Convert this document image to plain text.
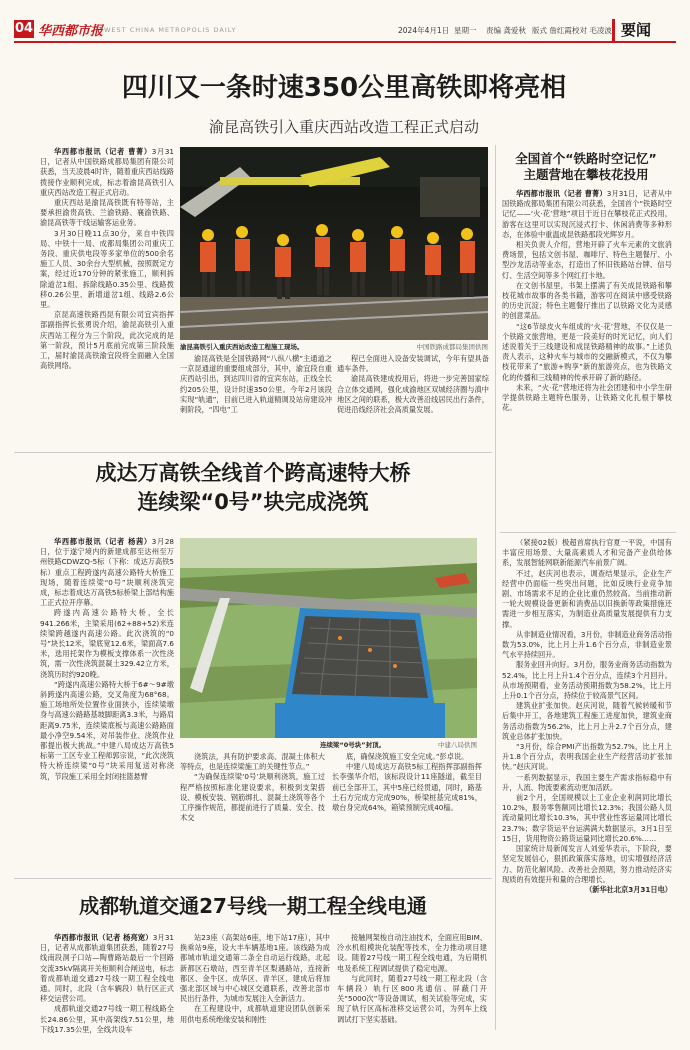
04 华西都市报 WEST CHINA METROPOLIS DAILY	2024年4月1日 星期一 责编 龚爱秋 版式 詹红霞 校对 毛凌波 要闻
四川又一条时速350公里高铁即将亮相
渝昆高铁引入重庆西站改造工程正式启动
渝昆高铁引入重庆西站改造工程施工现场。	中国铁路成都局集团供图

华西都市报讯（记者 曹菁）3月31日，记者从中国铁路成都局集团有限公司获悉，当天凌晨4时许，随着重庆西站线路拨接作业顺利完成，标志着渝昆高铁引入重庆西站改造工程正式启动。

重庆西站是渝昆高铁既有特等站，主要承担渝贵高铁、兰渝铁路、襄渝铁路、渝昆高铁等干线运输客运业务。

3月30日晚11点30分，来自中铁四局、中铁十一局、成都局集团公司重庆工务段、重庆供电段等多家单位的500余名施工人员、30余台大型机械，按照既定方案，经过近170分钟的紧张施工，顺利拆除道岔1组、拆除线路0.35公里、线路拨移0.26公里、新增道岔1组、线路2.6公里。

京昆高速铁路西昆有限公司宜宾指挥部副指挥长张勇说介绍，渝昆高铁引入重庆西站工程分为三个阶段，此次完成的是第一阶段，预计5月底前完成第三阶段施工，届时渝昆高铁渝宜段将全面融入全国高铁网络。

渝昆高铁是全国铁路网“八纵八横”主通道之一京昆通道的重要组成部分，其中，渝宜段自重庆西站引出，到达四川省的宜宾东站，正线全长约205公里，设计时速350公里。今年2月该段实现“轨通”，目前已进入轨道精调及站房建设冲刺阶段，“四电”工

程已全面进入设备安装调试，今年有望具备通车条件。

渝昆高铁建成投用后，将进一步完善国家综合立体交通网，强化成渝地区双城经济圈与滇中地区之间的联系，极大改善沿线居民出行条件，促进沿线经济社会高质量发展。

全国首个“铁路时空记忆”
主题营地在攀枝花投用

华西都市报讯（记者 曹菁）3月31日，记者从中国铁路成都局集团有限公司获悉，全国首个“铁路时空记忆——‘火·花’营地”项目于近日在攀枝花正式投用，游客在这里可以实现沉浸式打卡、休闲消费等多种形态，在体验中重温成昆铁路那段光辉岁月。

相关负责人介绍，营地开辟了火车元素的文旅消费场景，包括文创书屋、咖啡厅、特色主题餐厅、小型沙龙活动等业态，打造出了怀旧铁路站台牌、信号灯、生活空间等多个网红打卡地。

在文创书屋里，书架上摆满了有关成昆铁路和攀枝花城市故事的各类书籍，游客可在阅读中感受铁路的历史沉淀；特色主题餐厅推出了以铁路文化为灵感的创意菜品。

“这6节绿皮火车组成的‘火·花’营地，不仅仅是一个铁路文旅营地，更是一段美好的时光记忆，向人们述说着关于三线建设和成昆铁路精神的故事。”上述负责人表示，这种火车与城市的交融新模式，不仅为攀枝花带来了“旅游+购享”新的旅游亮点，也为铁路文化的传播和三线精神的传承开辟了新的路径。

未来，“火·花”营地还将为社会团建和中小学生研学提供铁路主题特色服务，让铁路文化扎根于攀枝花。

成达万高铁全线首个跨高速特大桥
连续梁“0号”块完成浇筑
连续梁“0号块”封顶。	中建八局供图

华西都市报讯（记者 杨茜）3月28日，位于遂宁境内的新建成都至达州至万州铁路CDWZQ-5标（下称：成达万高铁5标）重点工程跨遂内高速公路特大桥施工现场，随着连续梁“0号”块顺利浇筑完成，标志着成达万高铁5标桥梁上部结构施工正式拉开序幕。

跨遂内高速公路特大桥，全长941.266米，主梁采用(62+88+52)米连续梁跨越遂内高速公路。此次浇筑的“0号”块长12米，梁底宽12.6米，梁面高7.6米，选用托架作为模板支撑体系一次性浇筑，需一次性浇筑混凝土329.42立方米，浇筑历时约920晚。

“跨遂内高速公路特大桥于6#～9#墩斜跨遂内高速公路，交叉角度为68°68。施工场地所处位置作业面狭小，连续梁墩身与高速公路路基坡脚距离3.3米，与路肩距离9.75米，连续梁底板与高速公路路面最小净空9.54米，对吊装作业、浇筑作业都提出极大挑战。”中建八局成达万高铁5标第一工区专业工程师郭宗说，“此次浇筑特大桥连续梁“0号”块采用复送对称浇筑，节段施工采用全封闭挂篮悬臂

浇筑法，具有防护要求高、混凝土体积大等特点，也是连续梁施工的关键性节点。”

“为确保连续梁‘0号’块顺利浇筑，施工过程严格按照标准化建设要求，积极到支架搭设、模板安装、钢筋绑扎、混凝土浇筑等各个工序操作规范，都提前进行了质量、安全、技术交

底，确保浇筑施工安全完成。”彭卓说。

中建八局成达万高铁5标工程指挥部副指挥长李强华介绍，该标段设计11座隧道，截至目前已全部开工，其中5座已经贯通，同时，路基土石方完成方完成90%，桥梁桩基完成81%，墩台身完成64%，箱梁预制完成40榀。

（紧接02版）极超首席执行官夏一平说，中国有丰富应用场景、大量高素质人才和完备产业供给体系，发展智能网联新能源汽车前景广阔。

不过，赵庆河也表示，调查结果显示，企业生产经营中仍面临一些突出问题，比如反映行业竞争加剧、市场需求不足的企业比重仍然较高。当前推动新一轮大规模设备更新和消费品以旧换新等政策措施还需进一步相互落实，为制造业高质量发展提供有力支撑。

从非制造业情况看，3月份，非制造业商务活动指数为53.0%，比上月上升1.6个百分点，非制造业景气水平持续回升。

服务业回升向好。3月份，服务业商务活动指数为52.4%，比上月上升1.4个百分点，连续3个月回升。从市场预期看，业务活动预期指数为58.2%，比上月上升0.1个百分点，持续位于较高景气区间。

建筑业扩张加快。赵庆河说，随着气候转暖和节后集中开工，各地建筑工程施工进度加快，建筑业商务活动指数为56.2%，比上月上升2.7个百分点，建筑业总体扩张加快。

“3月份，综合PMI产出指数为52.7%，比上月上升1.8个百分点，表明我国企业生产经营活动扩张加快。”赵庆河说。

一系列数据显示，我国主要生产需求指标稳中有升，人流、物流要素流动更加活跃。

前2个月，全国规模以上工业企业利润同比增长10.2%，服务零售额同比增长12.3%；我国公路人员流动量同比增长10.3%，其中营业性客运量同比增长23.7%；数字货运平台运满满大数据显示，3月1日至15日，货用物资公路货运量同比增长20.6%……

国家统计局新闻发言人刘爱华表示，下阶段，要坚定发展信心，狠抓政策落实落地，切实增强经济活力、防范化解风险、改善社会预期，努力推动经济实现质的有效提升和量的合理增长。

（新华社北京3月31日电）

成都轨道交通27号线一期工程全线电通

华西都市报讯（记者 杨亮宽）3月31日，记者从成都轨道集团获悉，随着27号线南段洞子口站—陶曹路站最后一个回路交流35kV隔离开关柜顺利合闸送电，标志着成都轨道交通27号线一期工程全线电通。同时，北段（含车辆段）轨行区正式移交运营公司。

成都轨道交通27号线一期工程线路全长24.86公里，其中高架线7.51公里，地下线17.35公里，全线共设车

站23座（高架站6座，地下站17座），其中换乘站9座，设大丰车辆基地1座。该线路为成都城市轨道交通第二条全自动运行线路，北起新都区石墩站，西至青羊区梨遇路站，连接新都区、金牛区、成华区、青羊区，建成后将加强北部区域与中心城区交通联系，改善北部市民出行条件，为城市发展注入全新活力。

在工程建设中，成都轨道建设团队创新采用供电系统绝缘安装和刚性

接触网架梭自动注油技术，全面应用BIM、冷水机组模块化装配等技术，全力推动项目建设。随着27号线一期工程全线电通，为后期机电及系统工程调试提供了稳定电源。

与此同时，随着27号线一期工程北段（含车辆段）轨行区800兆通信、屏蔽门开关“5000次”等设备调试，相关试验等完成，实现了轨行区高标准移交运营公司，为列车上线调试打下坚实基础。
